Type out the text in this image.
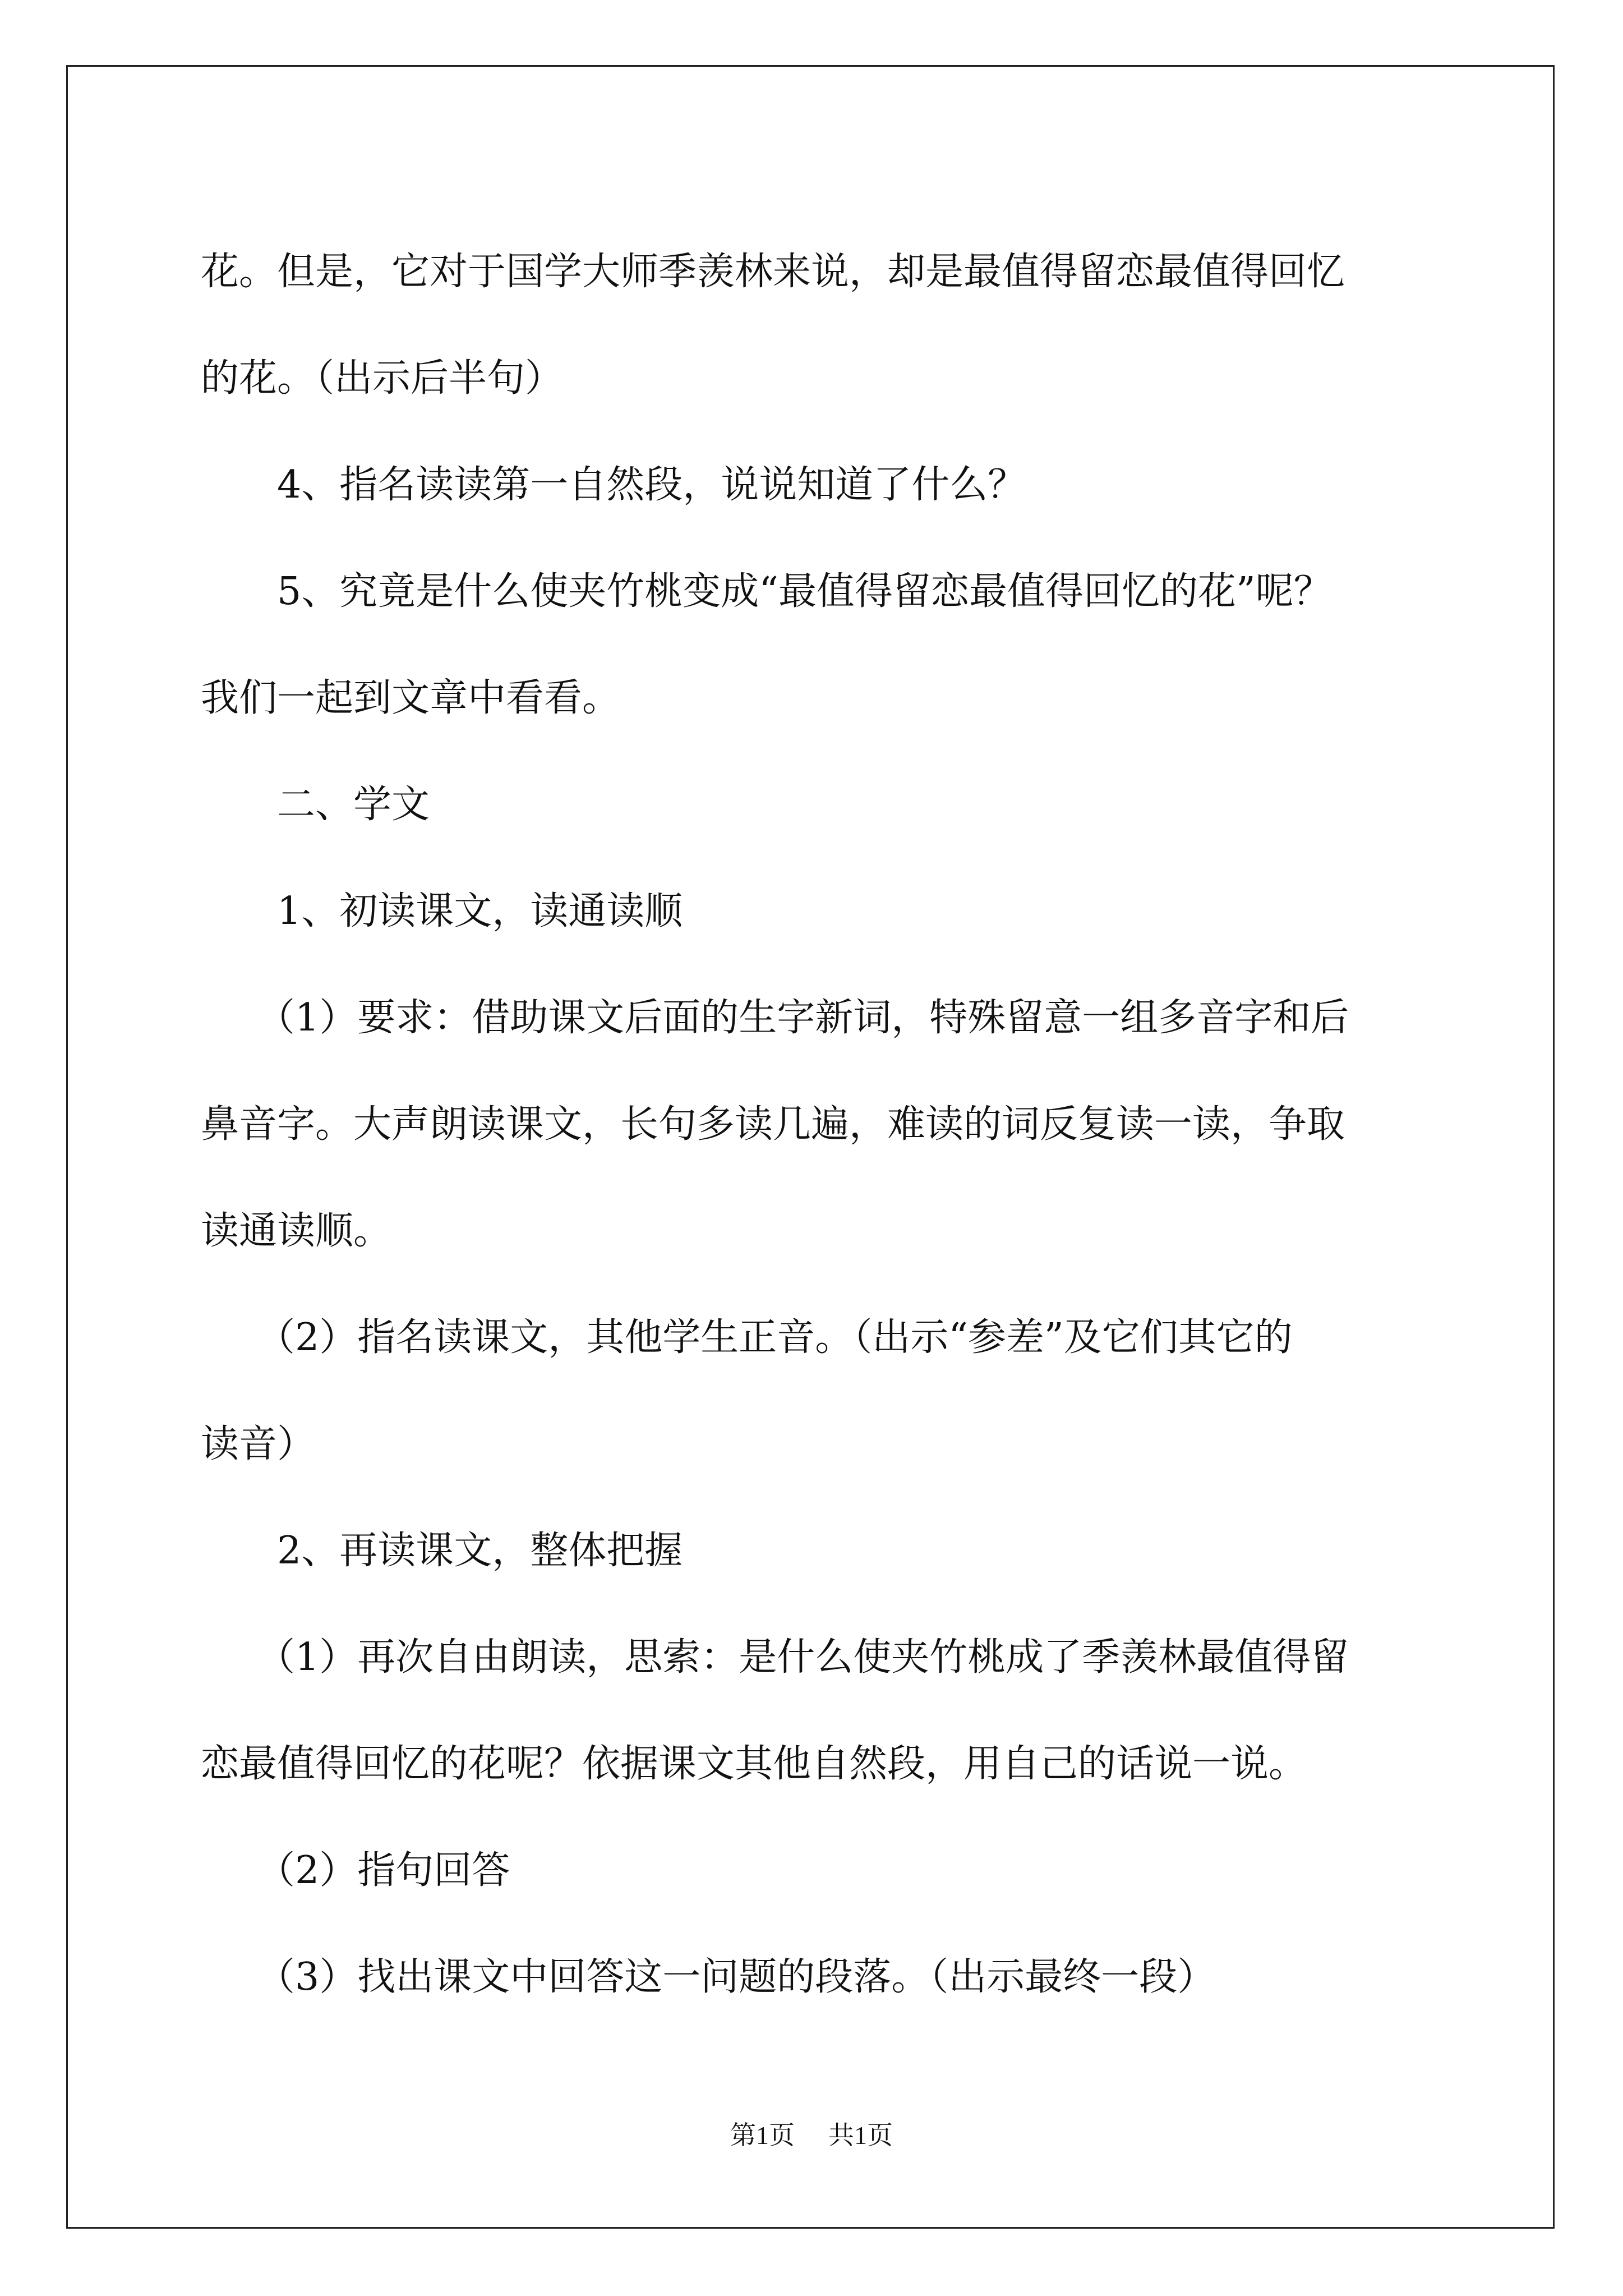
花。但是，它对于国学大师季羡林来说，却是最值得留恋最值得回忆

的花。（出示后半句）

4、指名读读第一自然段，说说知道了什么？

5、究竟是什么使夹竹桃变成“最值得留恋最值得回忆的花”呢？

我们一起到文章中看看。

二、学文

1、初读课文，读通读顺

（1）要求：借助课文后面的生字新词，特殊留意一组多音字和后

鼻音字。大声朗读课文，长句多读几遍，难读的词反复读一读，争取

读通读顺。

（2）指名读课文，其他学生正音。（出示“参差”及它们其它的

读音）

2、再读课文，整体把握

（1）再次自由朗读，思索：是什么使夹竹桃成了季羡林最值得留

恋最值得回忆的花呢？依据课文其他自然段，用自己的话说一说。

（2）指句回答

（3）找出课文中回答这一问题的段落。（出示最终一段）

第1页 共1页
